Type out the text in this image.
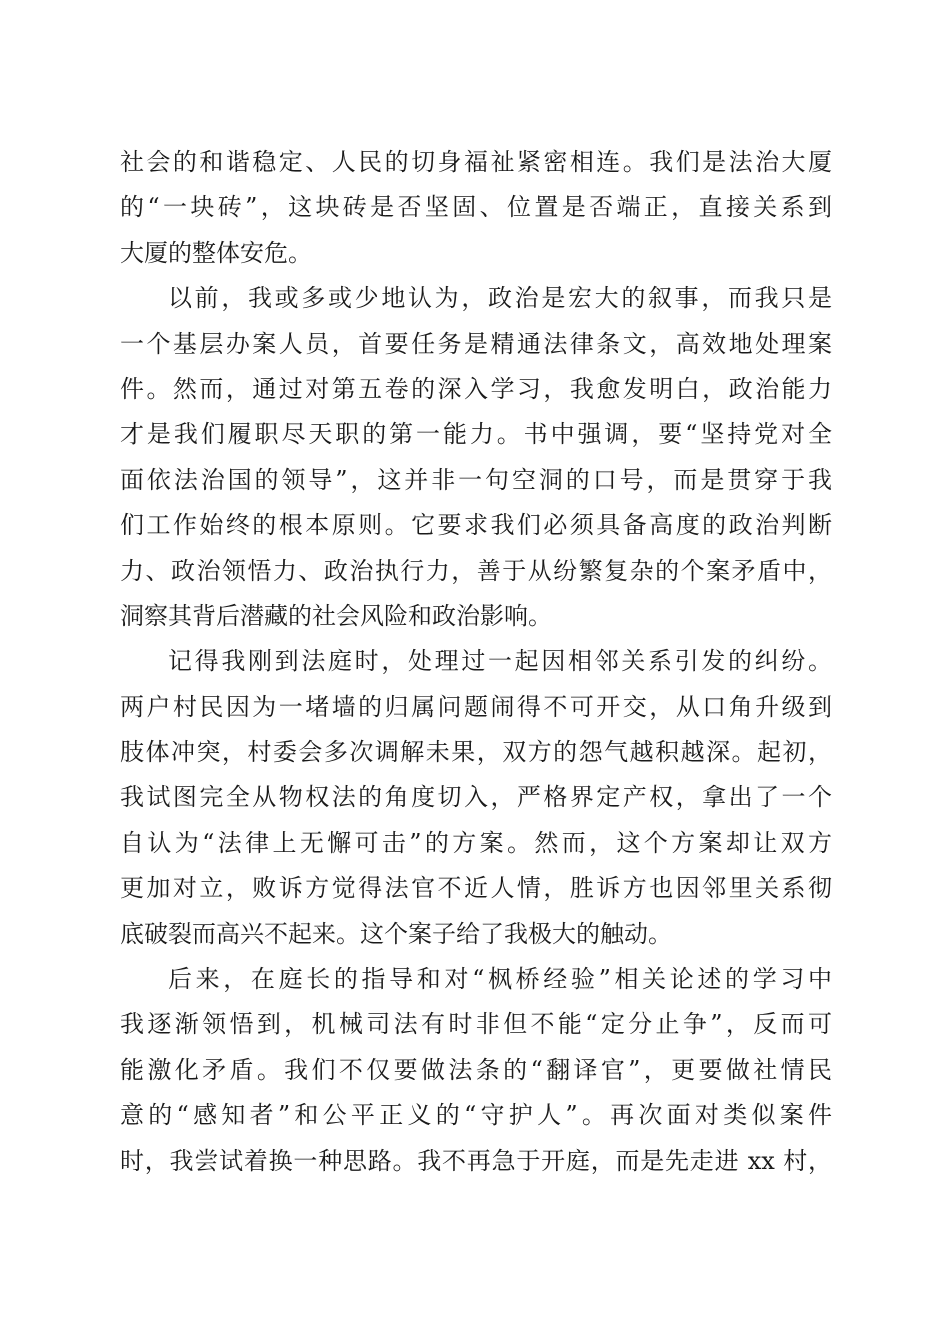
社会的和谐稳定、人民的切身福祉紧密相连。我们是法治大厦
的“一块砖”，这块砖是否坚固、位置是否端正，直接关系到
大厦的整体安危。
以前，我或多或少地认为，政治是宏大的叙事，而我只是
一个基层办案人员，首要任务是精通法律条文，高效地处理案
件。然而，通过对第五卷的深入学习，我愈发明白，政治能力
才是我们履职尽天职的第一能力。书中强调，要“坚持党对全
面依法治国的领导”，这并非一句空洞的口号，而是贯穿于我
们工作始终的根本原则。它要求我们必须具备高度的政治判断
力、政治领悟力、政治执行力，善于从纷繁复杂的个案矛盾中，
洞察其背后潜藏的社会风险和政治影响。
记得我刚到法庭时，处理过一起因相邻关系引发的纠纷。
两户村民因为一堵墙的归属问题闹得不可开交，从口角升级到
肢体冲突，村委会多次调解未果，双方的怨气越积越深。起初，
我试图完全从物权法的角度切入，严格界定产权，拿出了一个
自认为“法律上无懈可击”的方案。然而，这个方案却让双方
更加对立，败诉方觉得法官不近人情，胜诉方也因邻里关系彻
底破裂而高兴不起来。这个案子给了我极大的触动。
后来，在庭长的指导和对“枫桥经验”相关论述的学习中
我逐渐领悟到，机械司法有时非但不能“定分止争”，反而可
能激化矛盾。我们不仅要做法条的“翻译官”，更要做社情民
意的“感知者”和公平正义的“守护人”。再次面对类似案件
时，我尝试着换一种思路。我不再急于开庭，而是先走进 xx 村，
